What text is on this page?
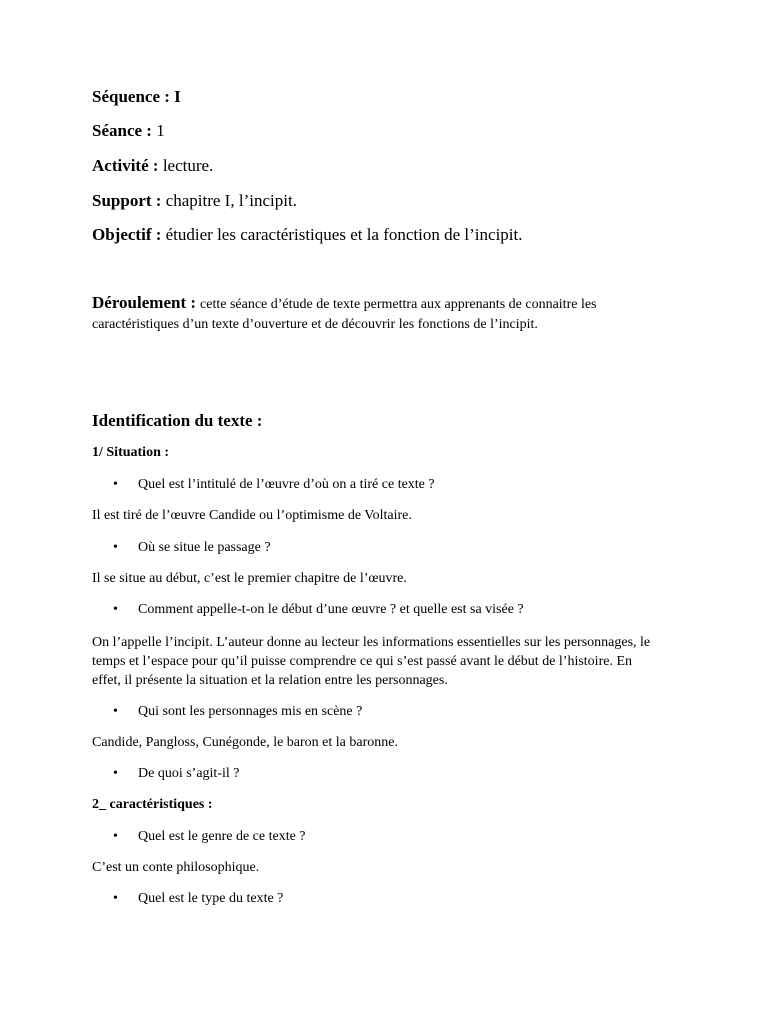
Séquence : I
Séance : 1
Activité : lecture.
Support : chapitre I, l’incipit.
Objectif : étudier les caractéristiques et la fonction de l’incipit.
Déroulement : cette séance d’étude de texte permettra aux apprenants de connaitre les
caractéristiques d’un texte d’ouverture et de découvrir les fonctions de l’incipit.
Identification du texte :
1/ Situation :
• Quel est l’intitulé de l’œuvre d’où on a tiré ce texte ?
Il est tiré de l’œuvre Candide ou l’optimisme de Voltaire.
• Où se situe le passage ?
Il se situe au début, c’est le premier chapitre de l’œuvre.
• Comment appelle-t-on le début d’une œuvre ? et quelle est sa visée ?
On l’appelle l’incipit. L’auteur donne au lecteur les informations essentielles sur les personnages, le temps et l’espace pour qu’il puisse comprendre ce qui s’est passé avant le début de l’histoire. En effet, il présente la situation et la relation entre les personnages.
• Qui sont les personnages mis en scène ?
Candide, Pangloss, Cunégonde, le baron et la baronne.
• De quoi s’agit-il ?
2_ caractéristiques :
• Quel est le genre de ce texte ?
C’est un conte philosophique.
• Quel est le type du texte ?
